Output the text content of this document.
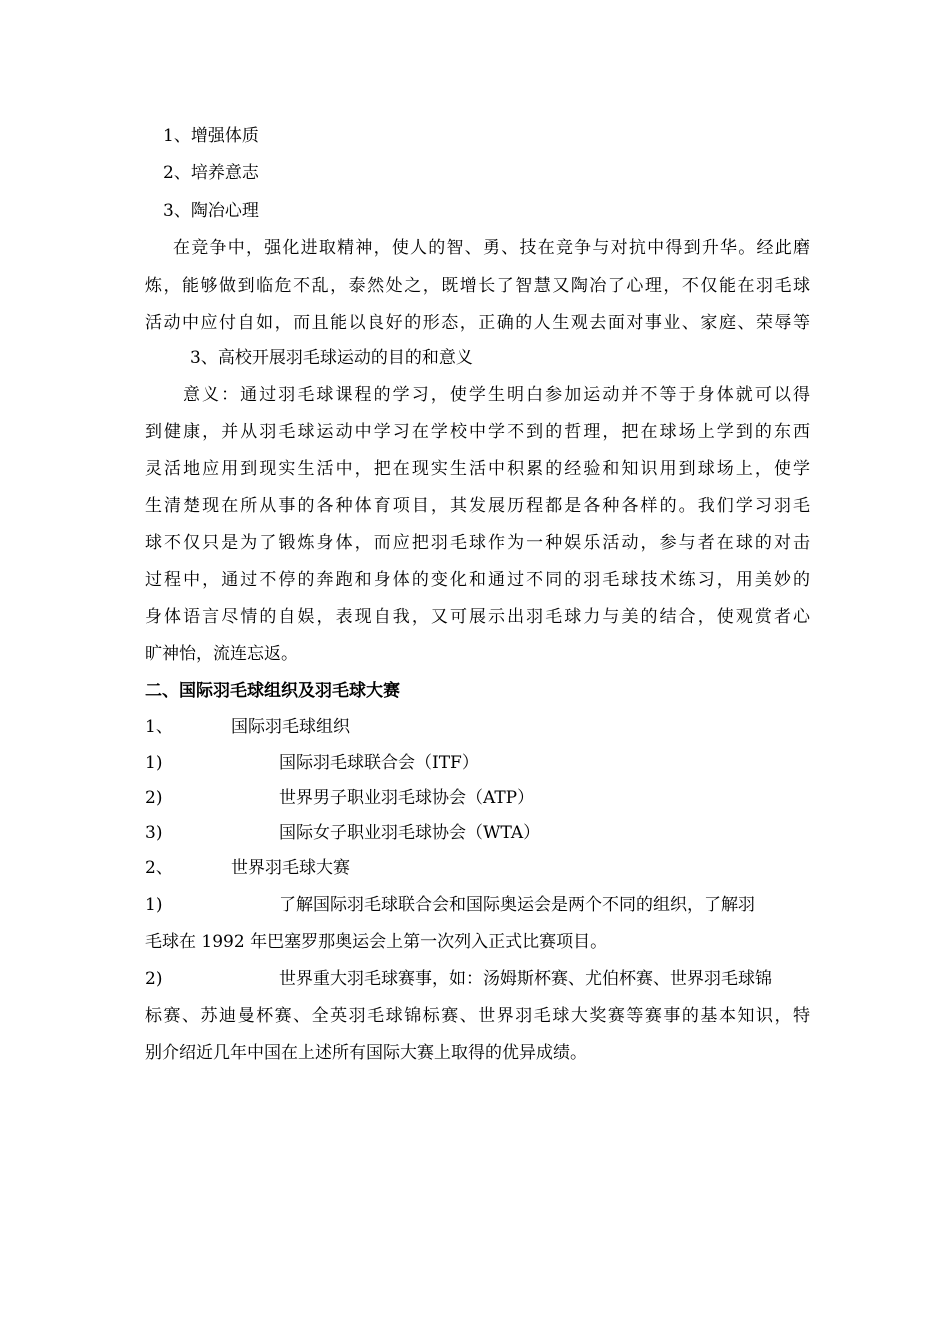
1、增强体质
2、培养意志
3、陶冶心理
在竞争中，强化进取精神，使人的智、勇、技在竞争与对抗中得到升华。经此磨
炼，能够做到临危不乱，泰然处之，既增长了智慧又陶冶了心理，不仅能在羽毛球
活动中应付自如，而且能以良好的形态，正确的人生观去面对事业、家庭、荣辱等
3、高校开展羽毛球运动的目的和意义
意义：通过羽毛球课程的学习，使学生明白参加运动并不等于身体就可以得
到健康，并从羽毛球运动中学习在学校中学不到的哲理，把在球场上学到的东西
灵活地应用到现实生活中，把在现实生活中积累的经验和知识用到球场上，使学
生清楚现在所从事的各种体育项目，其发展历程都是各种各样的。我们学习羽毛
球不仅只是为了锻炼身体，而应把羽毛球作为一种娱乐活动，参与者在球的对击
过程中，通过不停的奔跑和身体的变化和通过不同的羽毛球技术练习，用美妙的
身体语言尽情的自娱，表现自我，又可展示出羽毛球力与美的结合，使观赏者心
旷神怡，流连忘返。
二、国际羽毛球组织及羽毛球大赛
1、	国际羽毛球组织
1)	国际羽毛球联合会（ITF）
2)	世界男子职业羽毛球协会（ATP）
3)	国际女子职业羽毛球协会（WTA）
2、	世界羽毛球大赛
1)	了解国际羽毛球联合会和国际奥运会是两个不同的组织，了解羽
毛球在 1992 年巴塞罗那奥运会上第一次列入正式比赛项目。
2)	世界重大羽毛球赛事，如：汤姆斯杯赛、尤伯杯赛、世界羽毛球锦
标赛、苏迪曼杯赛、全英羽毛球锦标赛、世界羽毛球大奖赛等赛事的基本知识，特
别介绍近几年中国在上述所有国际大赛上取得的优异成绩。
